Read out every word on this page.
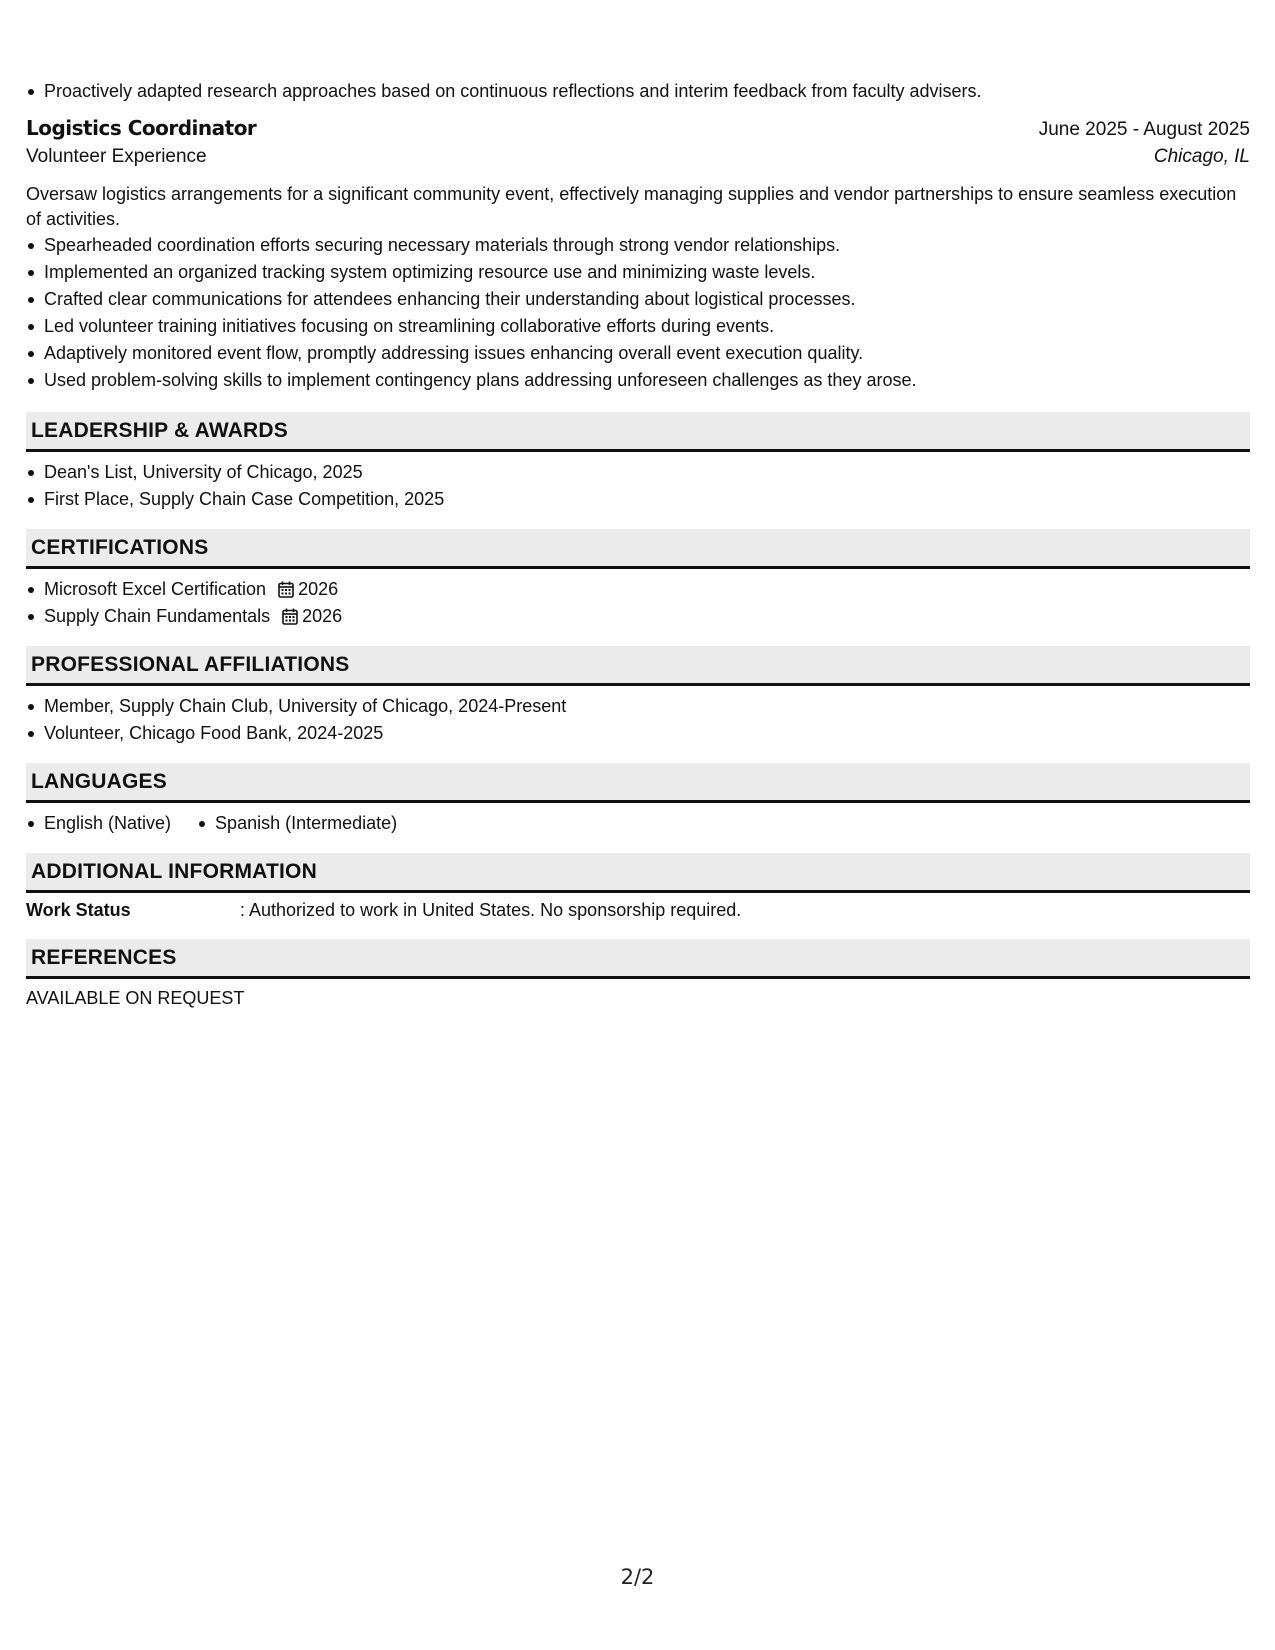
Proactively adapted research approaches based on continuous reflections and interim feedback from faculty advisers.
Logistics Coordinator	June 2025 - August 2025
Volunteer Experience	Chicago, IL
Oversaw logistics arrangements for a significant community event, effectively managing supplies and vendor partnerships to ensure seamless execution of activities.
Spearheaded coordination efforts securing necessary materials through strong vendor relationships.
Implemented an organized tracking system optimizing resource use and minimizing waste levels.
Crafted clear communications for attendees enhancing their understanding about logistical processes.
Led volunteer training initiatives focusing on streamlining collaborative efforts during events.
Adaptively monitored event flow, promptly addressing issues enhancing overall event execution quality.
Used problem-solving skills to implement contingency plans addressing unforeseen challenges as they arose.
LEADERSHIP & AWARDS
Dean's List, University of Chicago, 2025
First Place, Supply Chain Case Competition, 2025
CERTIFICATIONS
Microsoft Excel Certification 2026
Supply Chain Fundamentals 2026
PROFESSIONAL AFFILIATIONS
Member, Supply Chain Club, University of Chicago, 2024-Present
Volunteer, Chicago Food Bank, 2024-2025
LANGUAGES
English (Native)	Spanish (Intermediate)
ADDITIONAL INFORMATION
Work Status	: Authorized to work in United States. No sponsorship required.
REFERENCES
AVAILABLE ON REQUEST
2/2
